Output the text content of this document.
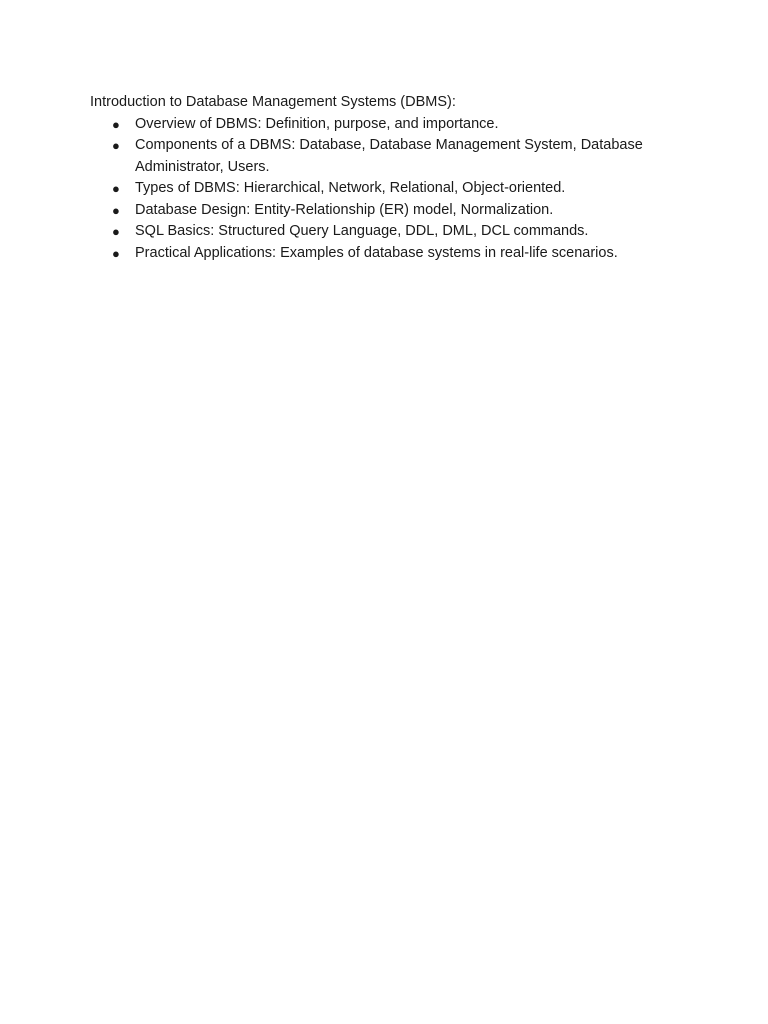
Introduction to Database Management Systems (DBMS):

● Overview of DBMS: Definition, purpose, and importance.
● Components of a DBMS: Database, Database Management System, Database Administrator, Users.
● Types of DBMS: Hierarchical, Network, Relational, Object-oriented.
● Database Design: Entity-Relationship (ER) model, Normalization.
● SQL Basics: Structured Query Language, DDL, DML, DCL commands.
● Practical Applications: Examples of database systems in real-life scenarios.
